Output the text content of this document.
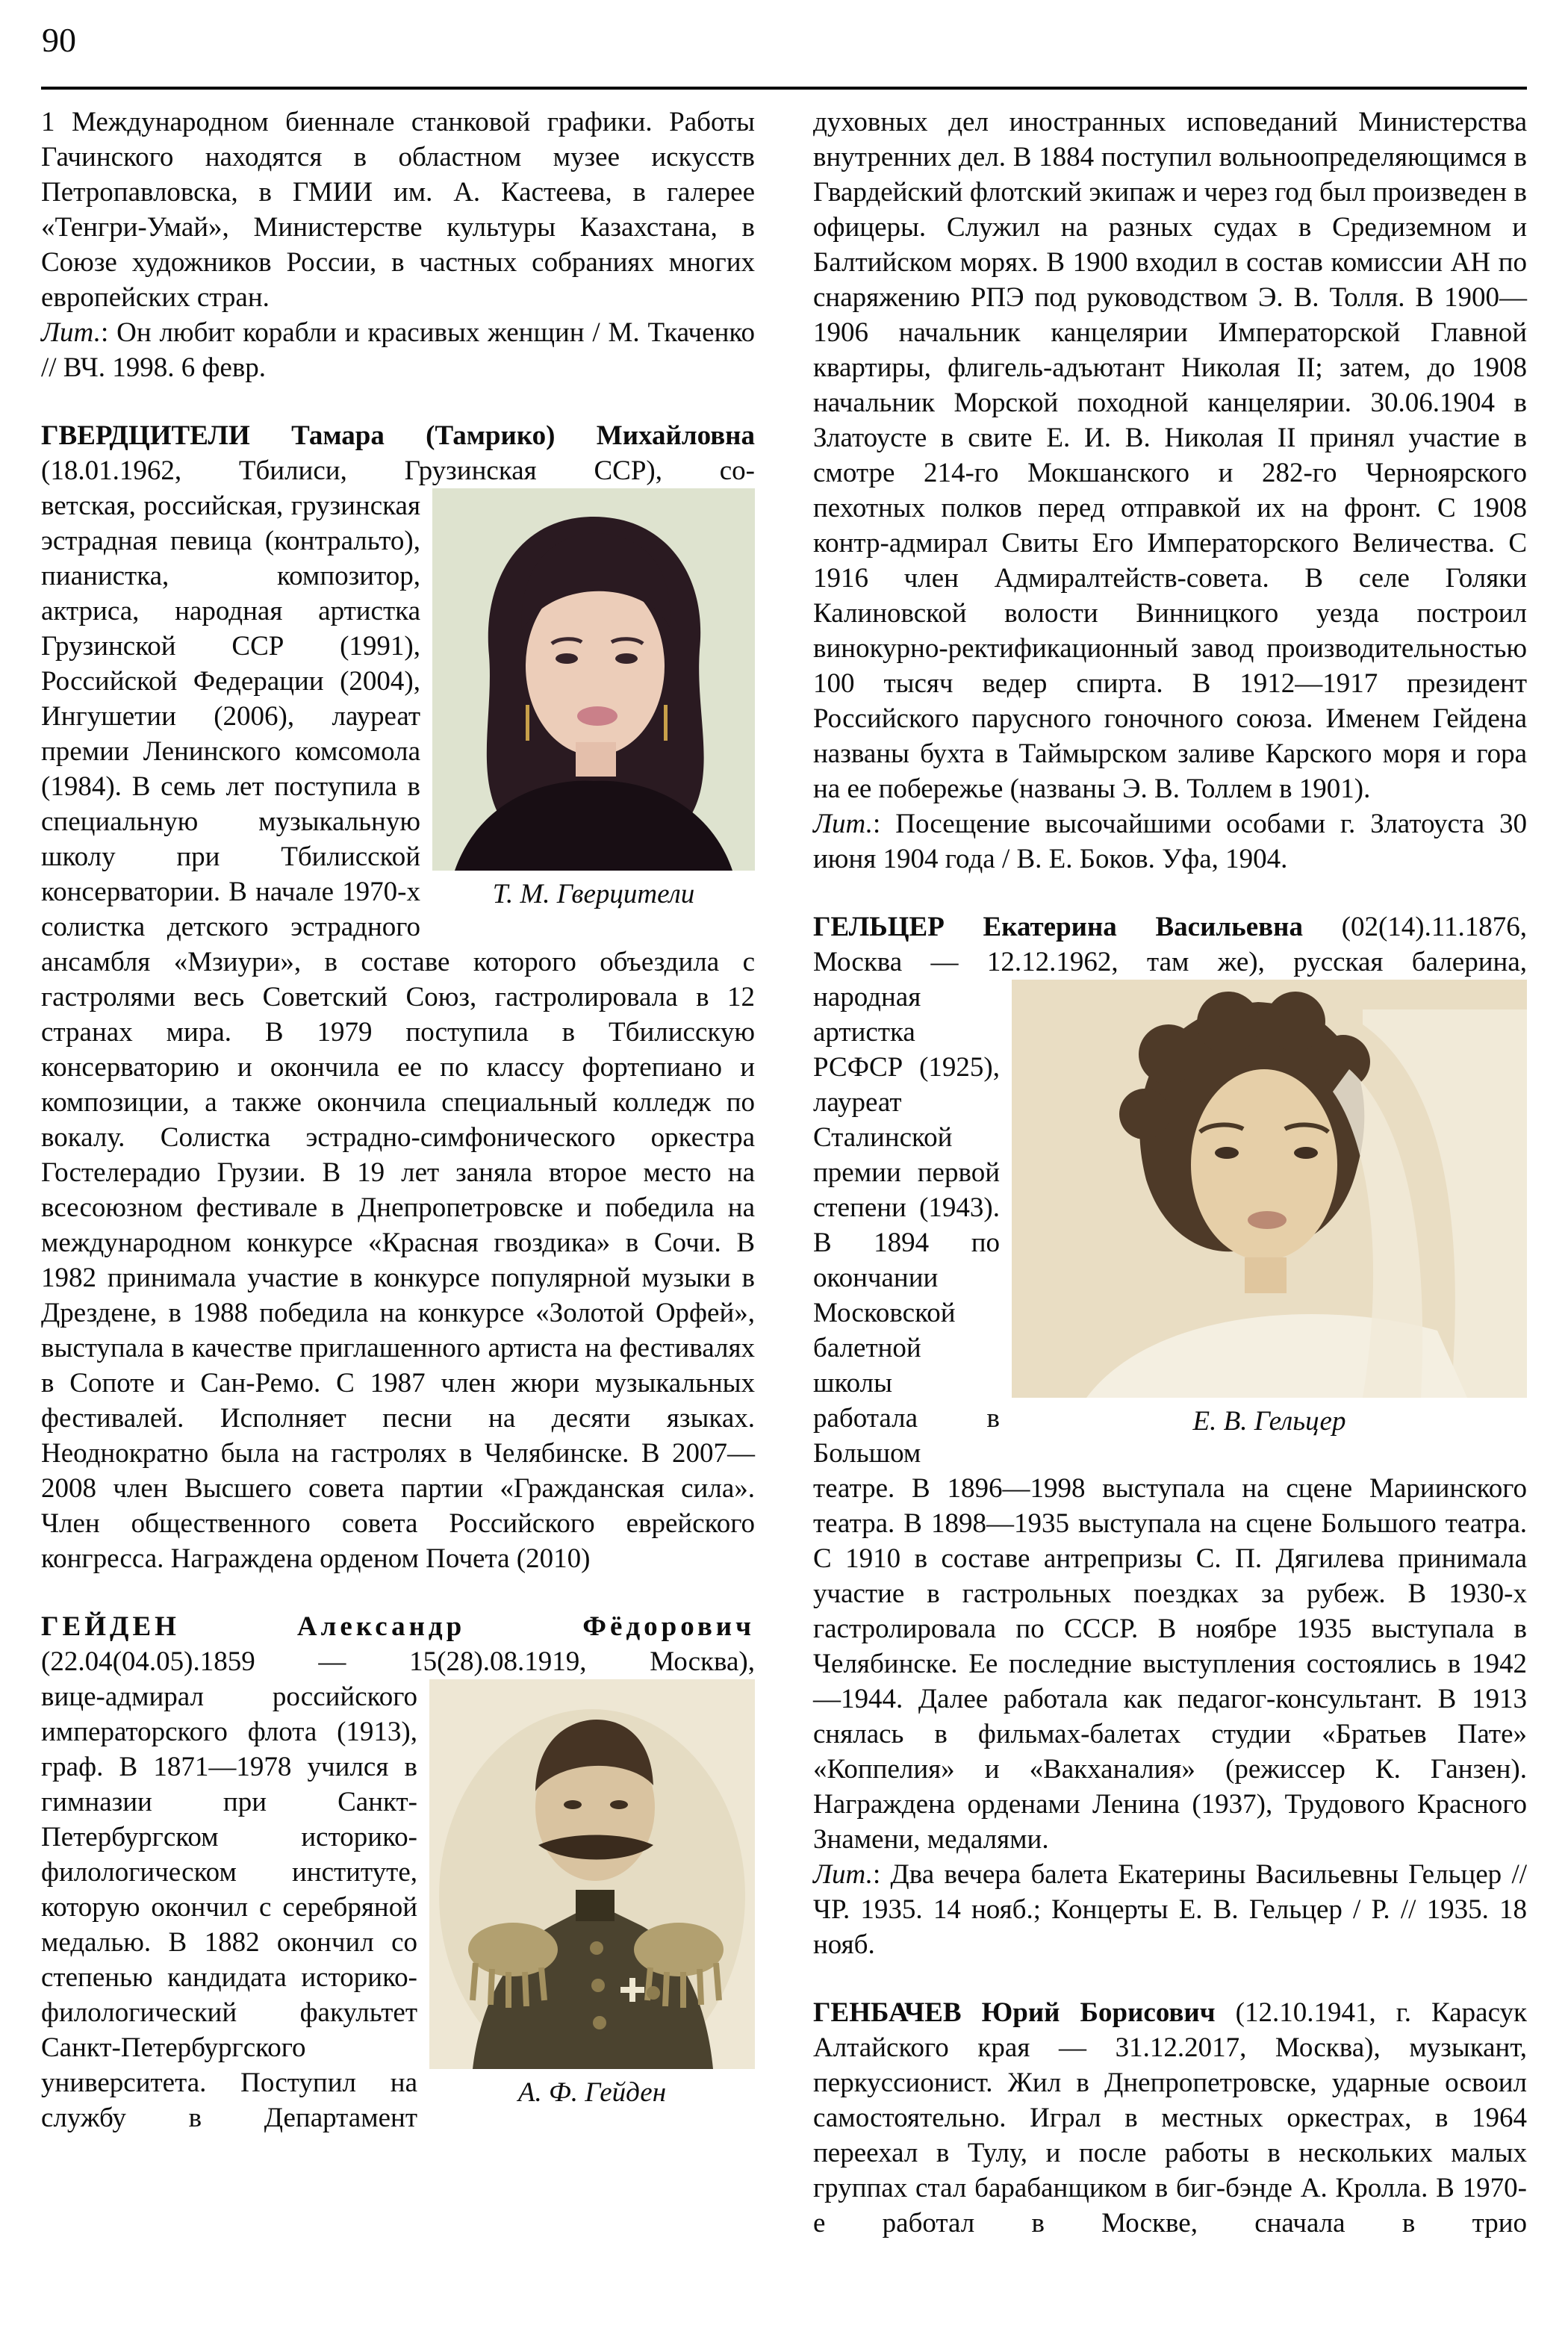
90

1 Международном биеннале станковой графики. Работы Гачинского находятся в областном музее искусств Петропавловска, в ГМИИ им. А. Кастеева, в галерее «Тенгри-Умай», Министерстве культуры Казахстана, в Союзе художников России, в частных собраниях многих европейских стран.

Лит.: Он любит корабли и красивых женщин / М. Ткаченко // ВЧ. 1998. 6 февр.

ГВЕРДЦИТЕЛИ Тамара (Тамрико) Михайловна (18.01.1962, Тбилиси, Грузинская ССР), со-

Т. М. Гверцители

ветская, российская, грузинская эстрадная певица (контральто), пианистка, композитор, актриса, народная артистка Грузинской ССР (1991), Российской Федерации (2004), Ингушетии (2006), лауреат премии Ленинского комсомола (1984). В семь лет поступила в специальную музыкальную школу при Тбилисской консерватории. В начале 1970-х солистка детского эстрадного ансамбля «Мзиури», в составе которого объездила с гастролями весь Советский Союз, гастролировала в 12 странах мира. В 1979 поступила в Тбилисскую консерваторию и окончила ее по классу фортепиано и композиции, а также окончила специальный колледж по вокалу. Солистка эстрадно-симфонического оркестра Гостелерадио Грузии. В 19 лет заняла второе место на всесоюзном фестивале в Днепропетровске и победила на международном конкурсе «Красная гвоздика» в Сочи. В 1982 принимала участие в конкурсе популярной музыки в Дрездене, в 1988 победила на конкурсе «Золотой Орфей», выступала в качестве приглашенного артиста на фестивалях в Сопоте и Сан-Ремо. С 1987 член жюри музыкальных фестивалей. Исполняет песни на десяти языках. Неоднократно была на гастролях в Челябинске. В 2007—2008 член Высшего совета партии «Гражданская сила». Член общественного совета Российского еврейского конгресса. Награждена орденом Почета (2010)

ГЕЙДЕН Александр Фёдорович (22.04(04.05).1859 — 15(28).08.1919, Москва),

А. Ф. Гейден

вице-адмирал российского императорского флота (1913), граф. В 1871—1978 учился в гимназии при Санкт-Петербургском историко-филологическом институте, которую окончил с серебряной медалью. В 1882 окончил со степенью кандидата историко-филологический факультет Санкт-Петербургского университета. Поступил на службу в Департамент

духовных дел иностранных исповеданий Министерства внутренних дел. В 1884 поступил вольноопределяющимся в Гвардейский флотский экипаж и через год был произведен в офицеры. Служил на разных судах в Средиземном и Балтийском морях. В 1900 входил в состав комиссии АН по снаряжению РПЭ под руководством Э. В. Толля. В 1900—1906 начальник канцелярии Императорской Главной квартиры, флигель-адъютант Николая II; затем, до 1908 начальник Морской походной канцелярии. 30.06.1904 в Златоусте в свите Е. И. В. Николая II принял участие в смотре 214-го Мокшанского и 282-го Черноярского пехотных полков перед отправкой их на фронт. С 1908 контр-адмирал Свиты Его Императорского Величества. С 1916 член Адмиралтейств-совета. В селе Голяки Калиновской волости Винницкого уезда построил винокурно-ректификационный завод производительностью 100 тысяч ведер спирта. В 1912—1917 президент Российского парусного гоночного союза. Именем Гейдена названы бухта в Таймырском заливе Карского моря и гора на ее побережье (названы Э. В. Толлем в 1901).

Лит.: Посещение высочайшими особами г. Златоуста 30 июня 1904 года / В. Е. Боков. Уфа, 1904.

ГЕЛЬЦЕР Екатерина Васильевна (02(14).11.1876, Москва — 12.12.1962, там же), русская балерина,

Е. В. Гельцер

народная артистка РСФСР (1925), лауреат Сталинской премии первой степени (1943). В 1894 по окончании Московской балетной школы работала в Большом театре. В 1896—1998 выступала на сцене Мариинского театра. В 1898—1935 выступала на сцене Большого театра. С 1910 в составе антрепризы С. П. Дягилева принимала участие в гастрольных поездках за рубеж. В 1930-х гастролировала по СССР. В ноябре 1935 выступала в Челябинске. Ее последние выступления состоялись в 1942—1944. Далее работала как педагог-консультант. В 1913 снялась в фильмах-балетах студии «Братьев Пате» «Коппелия» и «Вакханалия» (режиссер К. Ганзен). Награждена орденами Ленина (1937), Трудового Красного Знамени, медалями.

Лит.: Два вечера балета Екатерины Васильевны Гельцер // ЧР. 1935. 14 нояб.; Концерты Е. В. Гельцер / Р. // 1935. 18 нояб.

ГЕНБАЧЕВ Юрий Борисович (12.10.1941, г. Карасук Алтайского края — 31.12.2017, Москва), музыкант, перкуссионист. Жил в Днепропетровске, ударные освоил самостоятельно. Играл в местных оркестрах, в 1964 переехал в Тулу, и после работы в нескольких малых группах стал барабанщиком в биг-бэнде А. Кролла. В 1970-е работал в Москве, сначала в трио
